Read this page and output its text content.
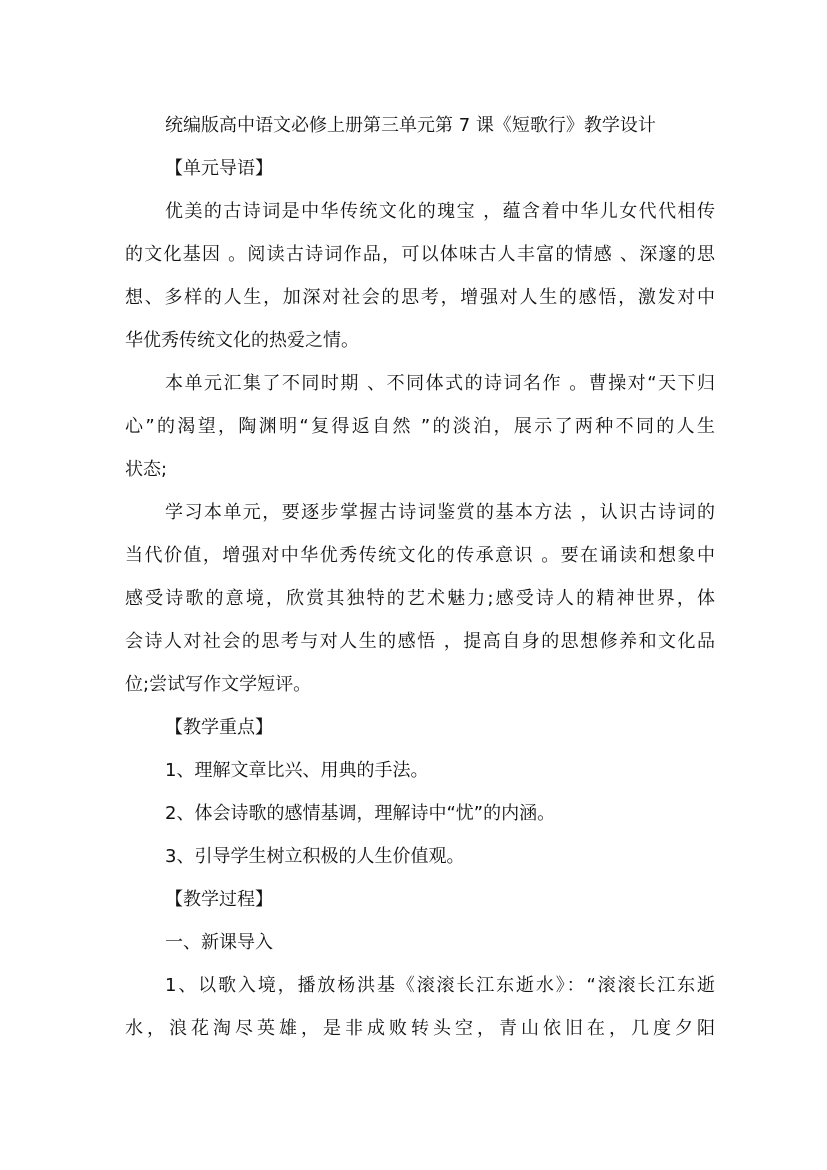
统编版高中语文必修上册第三单元第 7 课《短歌行》教学设计
【单元导语】
优美的古诗词是中华传统文化的瑰宝 ，蕴含着中华儿女代代相传
的文化基因 。阅读古诗词作品，可以体味古人丰富的情感 、深邃的思
想、多样的人生，加深对社会的思考，增强对人生的感悟，激发对中
华优秀传统文化的热爱之情。
本单元汇集了不同时期 、不同体式的诗词名作 。曹操对“天下归
心”的渴望，陶渊明“复得返自然 ”的淡泊，展示了两种不同的人生
状态;
学习本单元，要逐步掌握古诗词鉴赏的基本方法 ，认识古诗词的
当代价值，增强对中华优秀传统文化的传承意识 。要在诵读和想象中
感受诗歌的意境，欣赏其独特的艺术魅力;感受诗人的精神世界，体
会诗人对社会的思考与对人生的感悟 ，提高自身的思想修养和文化品
位;尝试写作文学短评。
【教学重点】
1、理解文章比兴、用典的手法。
2、体会诗歌的感情基调，理解诗中“忧”的内涵。
3、引导学生树立积极的人生价值观。
【教学过程】
一、新课导入
1、以歌入境，播放杨洪基《滚滚长江东逝水》：“滚滚长江东逝
水，浪花淘尽英雄，是非成败转头空，青山依旧在，几度夕阳
